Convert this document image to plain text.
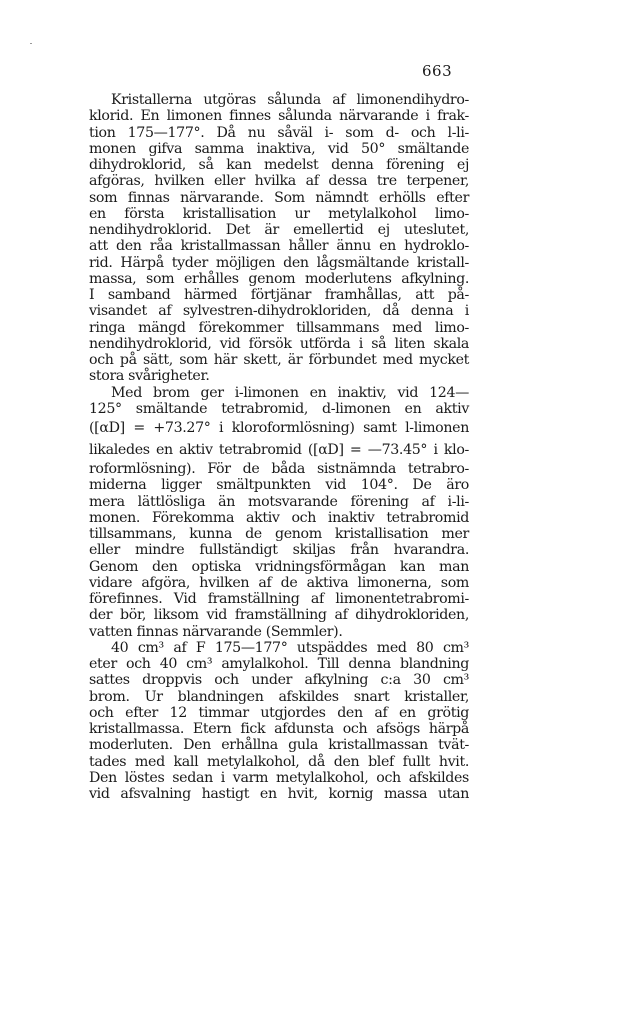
663
Kristallerna utgöras sålunda af limonendihydro-
klorid. En limonen finnes sålunda närvarande i frak-
tion 175—177°. Då nu såväl i- som d- och l-li-
monen gifva samma inaktiva, vid 50° smältande
dihydroklorid, så kan medelst denna förening ej
afgöras, hvilken eller hvilka af dessa tre terpener,
som finnas närvarande. Som nämndt erhölls efter
en första kristallisation ur metylalkohol limo-
nendihydroklorid. Det är emellertid ej uteslutet,
att den råa kristallmassan håller ännu en hydroklo-
rid. Härpå tyder möjligen den lågsmältande kristall-
massa, som erhålles genom moderlutens afkylning.
I samband härmed förtjänar framhållas, att på-
visandet af sylvestren-dihydrokloriden, då denna i
ringa mängd förekommer tillsammans med limo-
nendihydroklorid, vid försök utförda i så liten skala
och på sätt, som här skett, är förbundet med mycket
stora svårigheter.
Med brom ger i-limonen en inaktiv, vid 124—
125° smältande tetrabromid, d-limonen en aktiv
([αD] = +73.27° i kloroformlösning) samt l-limonen
likaledes en aktiv tetrabromid ([αD] = —73.45° i klo-
roformlösning). För de båda sistnämnda tetrabro-
miderna ligger smältpunkten vid 104°. De äro
mera lättlösliga än motsvarande förening af i-li-
monen. Förekomma aktiv och inaktiv tetrabromid
tillsammans, kunna de genom kristallisation mer
eller mindre fullständigt skiljas från hvarandra.
Genom den optiska vridningsförmågan kan man
vidare afgöra, hvilken af de aktiva limonerna, som
förefinnes. Vid framställning af limonentetrabromi-
der bör, liksom vid framställning af dihydrokloriden,
vatten finnas närvarande (Semmler).
40 cm³ af F 175—177° utspäddes med 80 cm³
eter och 40 cm³ amylalkohol. Till denna blandning
sattes droppvis och under afkylning c:a 30 cm³
brom. Ur blandningen afskildes snart kristaller,
och efter 12 timmar utgjordes den af en grötig
kristallmassa. Etern fick afdunsta och afsögs härpå
moderluten. Den erhållna gula kristallmassan tvät-
tades med kall metylalkohol, då den blef fullt hvit.
Den löstes sedan i varm metylalkohol, och afskildes
vid afsvalning hastigt en hvit, kornig massa utan
